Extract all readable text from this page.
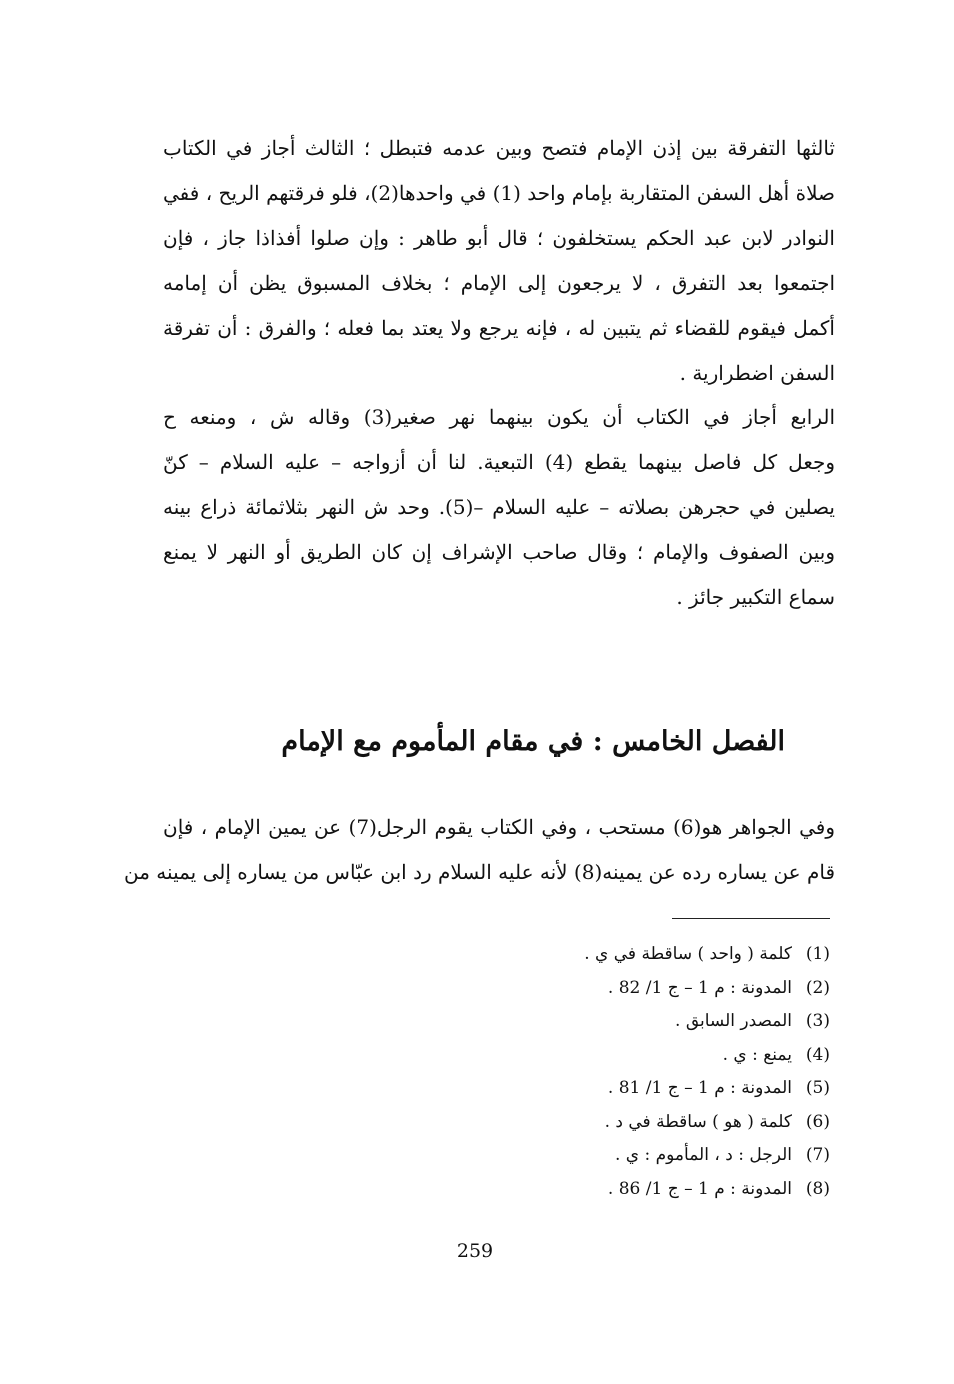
ثالثها التفرقة بين إذن الإمام فتصح وبين عدمه فتبطل ؛ الثالث أجاز في الكتاب
صلاة أهل السفن المتقاربة بإمام واحد (1) في واحدها(2)، فلو فرقتهم الريح ، ففي
النوادر لابن عبد الحكم يستخلفون ؛ قال أبو طاهر : وإن صلوا أفذاذا جاز ، فإن
اجتمعوا بعد التفرق ، لا يرجعون إلى الإمام ؛ بخلاف المسبوق يظن أن إمامه
أكمل فيقوم للقضاء ثم يتبين له ، فإنه يرجع ولا يعتد بما فعله ؛ والفرق : أن تفرقة
السفن اضطرارية .
الرابع أجاز في الكتاب أن يكون بينهما نهر صغير(3) وقاله ش ، ومنعه ح
وجعل كل فاصل بينهما يقطع (4) التبعية. لنا أن أزواجه – عليه السلام – كنّ
يصلين في حجرهن بصلاته – عليه السلام –(5). وحد ش النهر بثلاثمائة ذراع بينه
وبين الصفوف والإمام ؛ وقال صاحب الإشراف إن كان الطريق أو النهر لا يمنع
سماع التكبير جائز .
الفصل الخامس : في مقام المأموم مع الإمام
وفي الجواهر هو(6) مستحب ، وفي الكتاب يقوم الرجل(7) عن يمين الإمام ، فإن
قام عن يساره رده عن يمينه(8) لأنه عليه السلام رد ابن عبّاس من يساره إلى يمينه من
(1)
كلمة ( واحد ) ساقطة في ي .
(2)
المدونة : م 1 – ج 1/ 82 .
(3)
المصدر السابق .
(4)
يمنع : ي .
(5)
المدونة : م 1 – ج 1/ 81 .
(6)
كلمة ( هو ) ساقطة في د .
(7)
الرجل : د ، المأموم : ي .
(8)
المدونة : م 1 – ج 1/ 86 .
259
